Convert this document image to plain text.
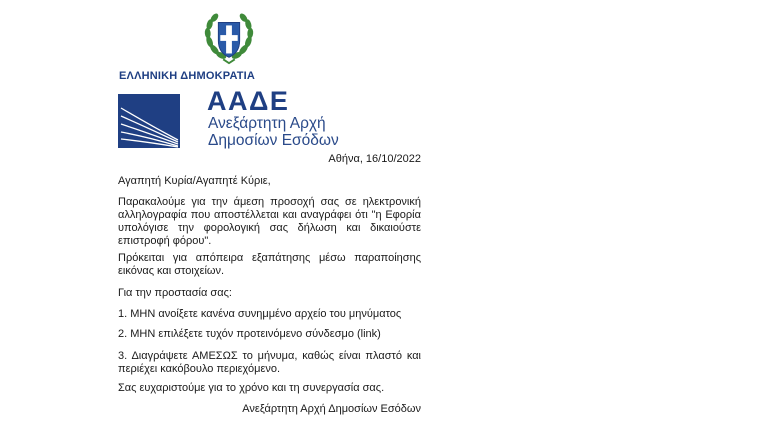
ΕΛΛΗΝΙΚΗ ΔΗΜΟΚΡΑΤΙΑ
ΑΑΔΕ
Ανεξάρτητη Αρχή
Δημοσίων Εσόδων
Αθήνα, 16/10/2022
Αγαπητή Κυρία/Αγαπητέ Κύριε,
Παρακαλούμε για την άμεση προσοχή σας σε ηλεκτρονική αλληλογραφία που αποστέλλεται και αναγράφει ότι "η Εφορία υπολόγισε την φορολογική σας δήλωση και δικαιούστε επιστροφή φόρου".
Πρόκειται για απόπειρα εξαπάτησης μέσω παραποίησης εικόνας και στοιχείων.
Για την προστασία σας:
1. ΜΗΝ ανοίξετε κανένα συνημμένο αρχείο του μηνύματος
2. ΜΗΝ επιλέξετε τυχόν προτεινόμενο σύνδεσμο (link)
3. Διαγράψετε ΑΜΕΣΩΣ το μήνυμα, καθώς είναι πλαστό και περιέχει κακόβουλο περιεχόμενο.
Σας ευχαριστούμε για το χρόνο και τη συνεργασία σας.
Ανεξάρτητη Αρχή Δημοσίων Εσόδων
